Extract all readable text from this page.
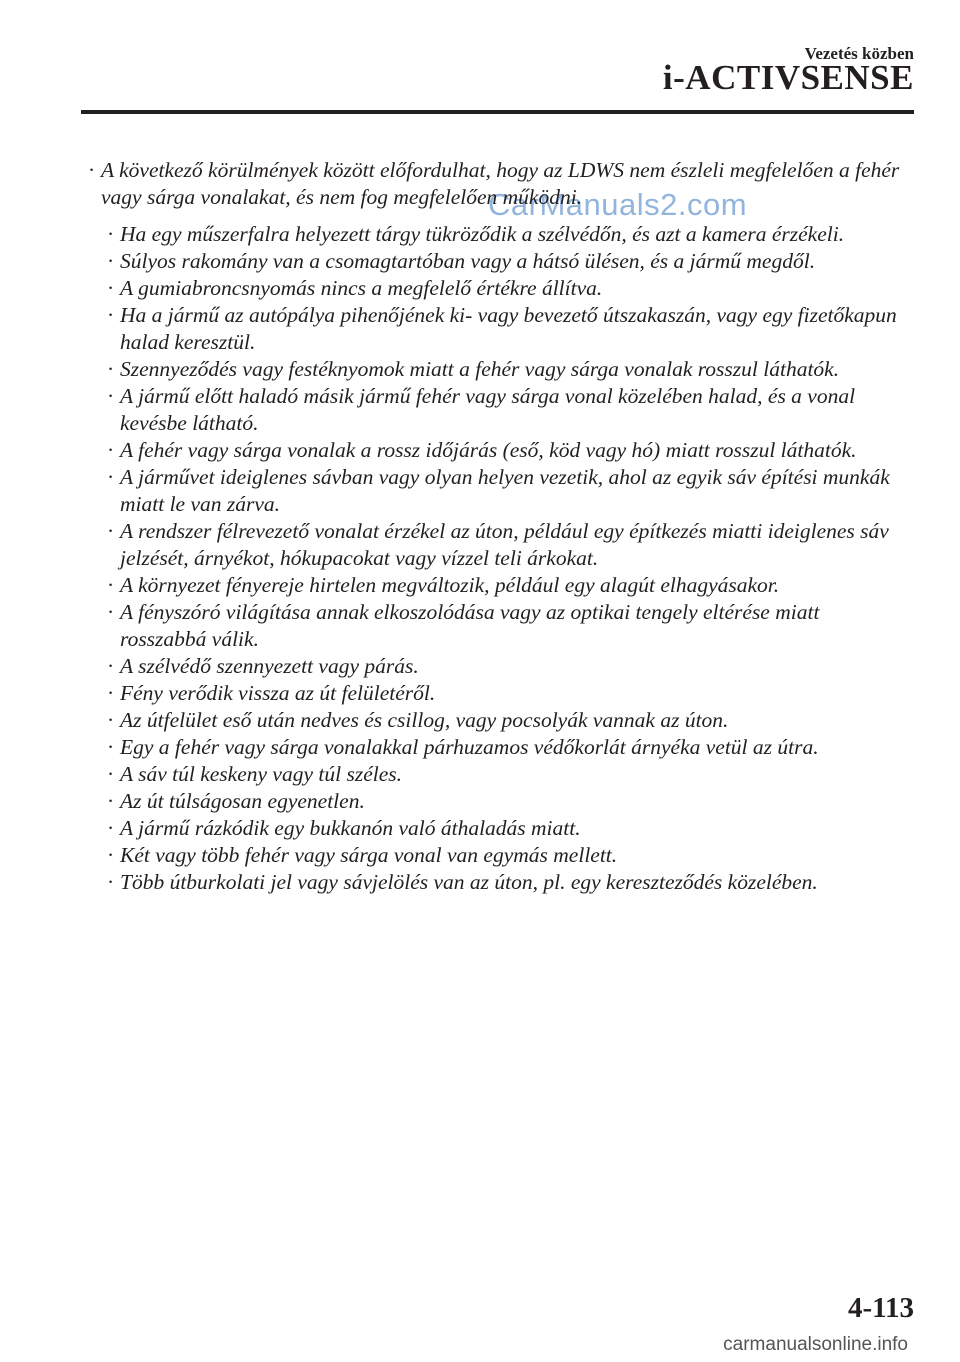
Vezetés közben
i-ACTIVSENSE
CarManuals2.com
· A következő körülmények között előfordulhat, hogy az LDWS nem észleli megfelelően a fehér vagy sárga vonalakat, és nem fog megfelelően működni.
· Ha egy műszerfalra helyezett tárgy tükröződik a szélvédőn, és azt a kamera érzékeli.
· Súlyos rakomány van a csomagtartóban vagy a hátsó ülésen, és a jármű megdől.
· A gumiabroncsnyomás nincs a megfelelő értékre állítva.
· Ha a jármű az autópálya pihenőjének ki- vagy bevezető útszakaszán, vagy egy fizetőkapun halad keresztül.
· Szennyeződés vagy festéknyomok miatt a fehér vagy sárga vonalak rosszul láthatók.
· A jármű előtt haladó másik jármű fehér vagy sárga vonal közelében halad, és a vonal kevésbe látható.
· A fehér vagy sárga vonalak a rossz időjárás (eső, köd vagy hó) miatt rosszul láthatók.
· A járművet ideiglenes sávban vagy olyan helyen vezetik, ahol az egyik sáv építési munkák miatt le van zárva.
· A rendszer félrevezető vonalat érzékel az úton, például egy építkezés miatti ideiglenes sáv jelzését, árnyékot, hókupacokat vagy vízzel teli árkokat.
· A környezet fényereje hirtelen megváltozik, például egy alagút elhagyásakor.
· A fényszóró világítása annak elkoszolódása vagy az optikai tengely eltérése miatt rosszabbá válik.
· A szélvédő szennyezett vagy párás.
· Fény verődik vissza az út felületéről.
· Az útfelület eső után nedves és csillog, vagy pocsolyák vannak az úton.
· Egy a fehér vagy sárga vonalakkal párhuzamos védőkorlát árnyéka vetül az útra.
· A sáv túl keskeny vagy túl széles.
· Az út túlságosan egyenetlen.
· A jármű rázkódik egy bukkanón való áthaladás miatt.
· Két vagy több fehér vagy sárga vonal van egymás mellett.
· Több útburkolati jel vagy sávjelölés van az úton, pl. egy kereszteződés közelében.
4-113
carmanualsonline.info
